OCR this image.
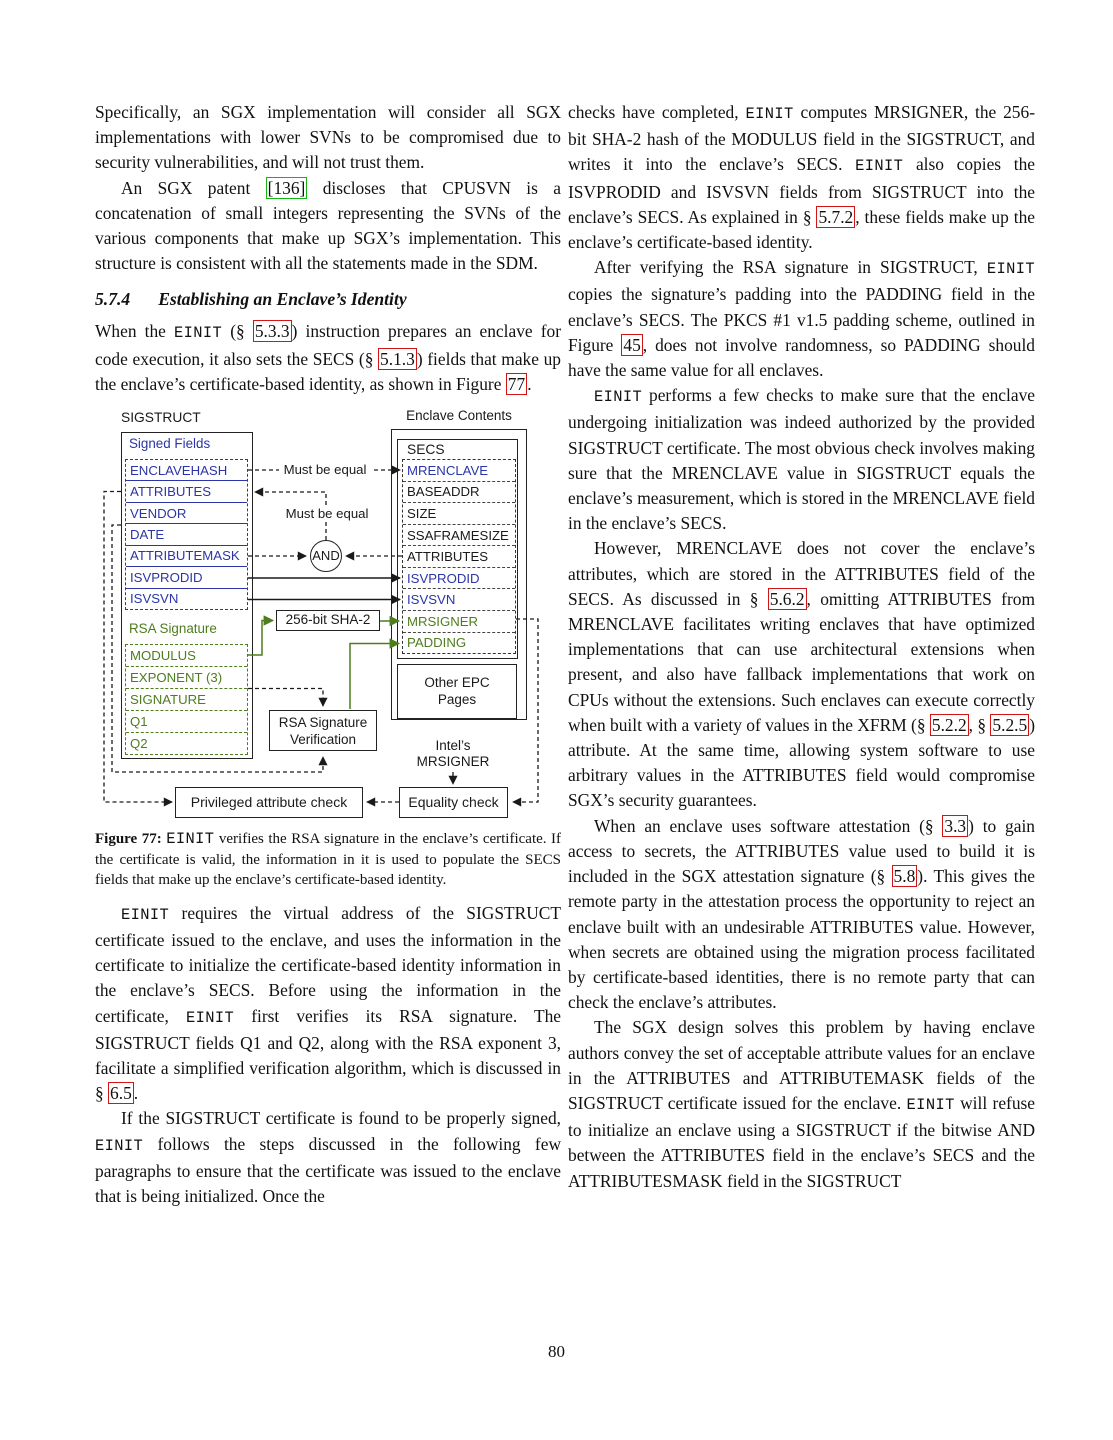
Specifically, an SGX implementation will consider all SGX implementations with lower SVNs to be compromised due to security vulnerabilities, and will not trust them.

An SGX patent [136] discloses that CPUSVN is a concatenation of small integers representing the SVNs of the various components that make up SGX’s implementation. This structure is consistent with all the statements made in the SDM.

5.7.4 Establishing an Enclave’s Identity

When the EINIT (§ 5.3.3 ) instruction prepares an enclave for code execution, it also sets the SECS (§ 5.1.3 ) fields that make up the enclave’s certificate-based identity, as shown in Figure 77 .

SIGSTRUCT	Enclave Contents
Other EPC
Pages
256-bit SHA-2
RSA Signature
Verification
Privileged attribute check	Equality check
Signed Fields
RSA Signature
SECS
Intel’s
MRSIGNER
ENCLAVEHASH
ATTRIBUTES
VENDOR
DATE
ATTRIBUTEMASK
ISVPRODID
ISVSVN
MODULUS
EXPONENT (3)
SIGNATURE
Q1
Q2
MRENCLAVE
BASEADDR
SIZE
SSAFRAMESIZE
ATTRIBUTES
ISVPRODID
ISVSVN
MRSIGNER
PADDING
Must be equal
Must be equal
AND

Figure 77: EINIT verifies the RSA signature in the enclave’s certificate. If the certificate is valid, the information in it is used to populate the SECS fields that make up the enclave’s certificate-based identity.

EINIT requires the virtual address of the SIGSTRUCT certificate issued to the enclave, and uses the information in the certificate to initialize the certificate-based identity information in the enclave’s SECS. Before using the information in the certificate, EINIT first verifies its RSA signature. The SIGSTRUCT fields Q1 and Q2, along with the RSA exponent 3, facilitate a simplified verification algorithm, which is discussed in § 6.5 .

If the SIGSTRUCT certificate is found to be properly signed, EINIT follows the steps discussed in the following few paragraphs to ensure that the certificate was issued to the enclave that is being initialized. Once the

checks have completed, EINIT computes MRSIGNER, the 256-bit SHA-2 hash of the MODULUS field in the SIGSTRUCT, and writes it into the enclave’s SECS. EINIT also copies the ISVPRODID and ISVSVN fields from SIGSTRUCT into the enclave’s SECS. As explained in § 5.7.2 , these fields make up the enclave’s certificate-based identity.

After verifying the RSA signature in SIGSTRUCT, EINIT copies the signature’s padding into the PADDING field in the enclave’s SECS. The PKCS #1 v1.5 padding scheme, outlined in Figure 45 , does not involve randomness, so PADDING should have the same value for all enclaves.

EINIT performs a few checks to make sure that the enclave undergoing initialization was indeed authorized by the provided SIGSTRUCT certificate. The most obvious check involves making sure that the MRENCLAVE value in SIGSTRUCT equals the enclave’s measurement, which is stored in the MRENCLAVE field in the enclave’s SECS.

However, MRENCLAVE does not cover the enclave’s attributes, which are stored in the ATTRIBUTES field of the SECS. As discussed in § 5.6.2 , omitting ATTRIBUTES from MRENCLAVE facilitates writing enclaves that have optimized implementations that can use architectural extensions when present, and also have fallback implementations that work on CPUs without the extensions. Such enclaves can execute correctly when built with a variety of values in the XFRM (§ 5.2.2 , § 5.2.5 ) attribute. At the same time, allowing system software to use arbitrary values in the ATTRIBUTES field would compromise SGX’s security guarantees.

When an enclave uses software attestation (§ 3.3 ) to gain access to secrets, the ATTRIBUTES value used to build it is included in the SGX attestation signature (§ 5.8 ). This gives the remote party in the attestation process the opportunity to reject an enclave built with an undesirable ATTRIBUTES value. However, when secrets are obtained using the migration process facilitated by certificate-based identities, there is no remote party that can check the enclave’s attributes.

The SGX design solves this problem by having enclave authors convey the set of acceptable attribute values for an enclave in the ATTRIBUTES and ATTRIBUTEMASK fields of the SIGSTRUCT certificate issued for the enclave. EINIT will refuse to initialize an enclave using a SIGSTRUCT if the bitwise AND between the ATTRIBUTES field in the enclave’s SECS and the ATTRIBUTESMASK field in the SIGSTRUCT

80
